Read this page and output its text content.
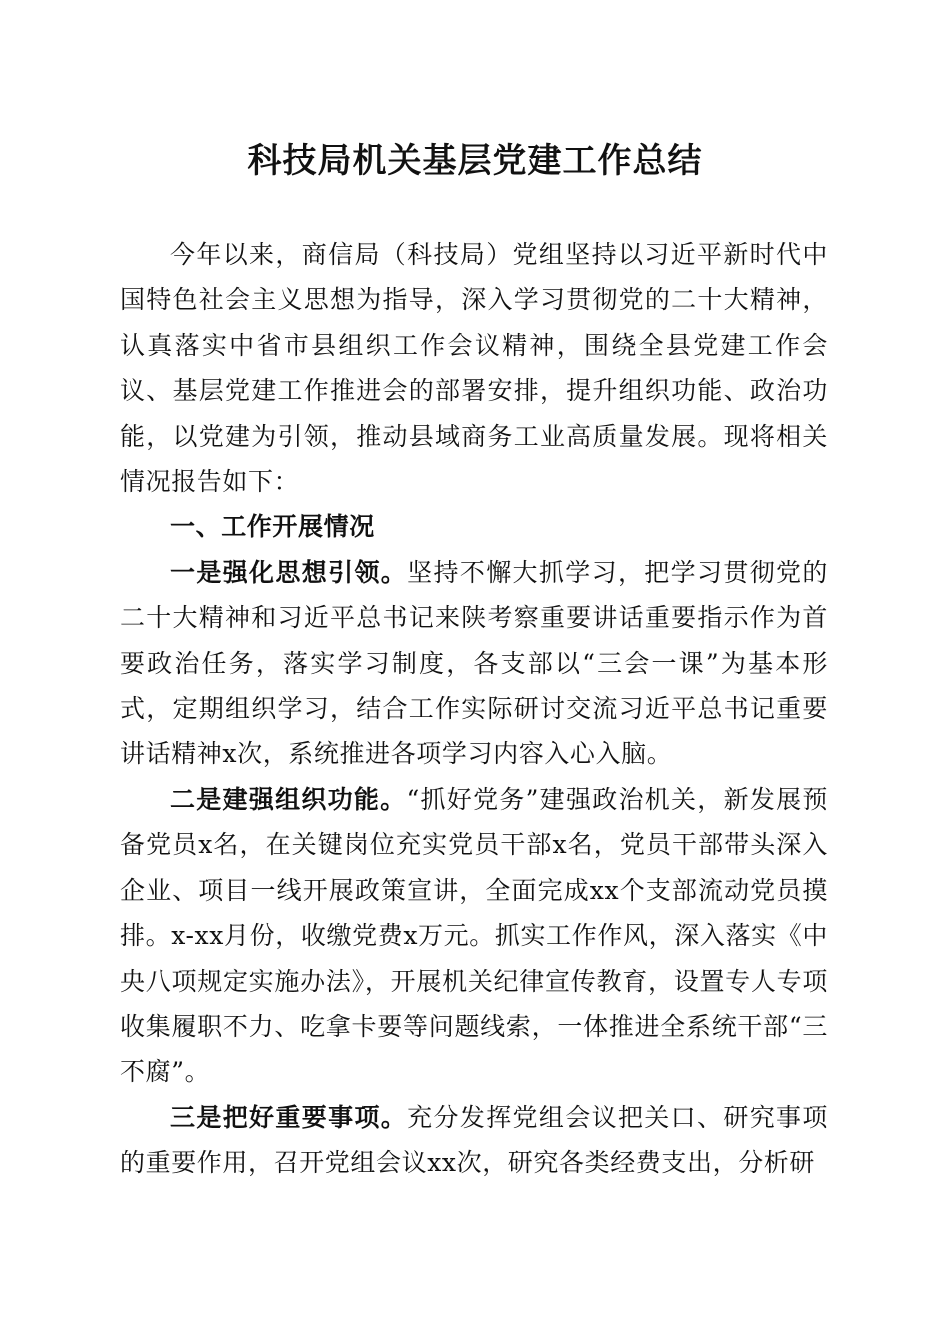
科技局机关基层党建工作总结

今年以来，商信局（科技局）党组坚持以习近平新时代中国特色社会主义思想为指导，深入学习贯彻党的二十大精神，认真落实中省市县组织工作会议精神，围绕全县党建工作会议、基层党建工作推进会的部署安排，提升组织功能、政治功能，以党建为引领，推动县域商务工业高质量发展。现将相关情况报告如下：

一、工作开展情况

一是强化思想引领。坚持不懈大抓学习，把学习贯彻党的二十大精神和习近平总书记来陕考察重要讲话重要指示作为首要政治任务，落实学习制度，各支部以“三会一课”为基本形式，定期组织学习，结合工作实际研讨交流习近平总书记重要讲话精神x次，系统推进各项学习内容入心入脑。

二是建强组织功能。“抓好党务”建强政治机关，新发展预备党员x名，在关键岗位充实党员干部x名，党员干部带头深入企业、项目一线开展政策宣讲，全面完成xx个支部流动党员摸排。x-xx月份，收缴党费x万元。抓实工作作风，深入落实《中央八项规定实施办法》，开展机关纪律宣传教育，设置专人专项收集履职不力、吃拿卡要等问题线索，一体推进全系统干部“三不腐”。

三是把好重要事项。充分发挥党组会议把关口、研究事项的重要作用，召开党组会议xx次，研究各类经费支出，分析研
